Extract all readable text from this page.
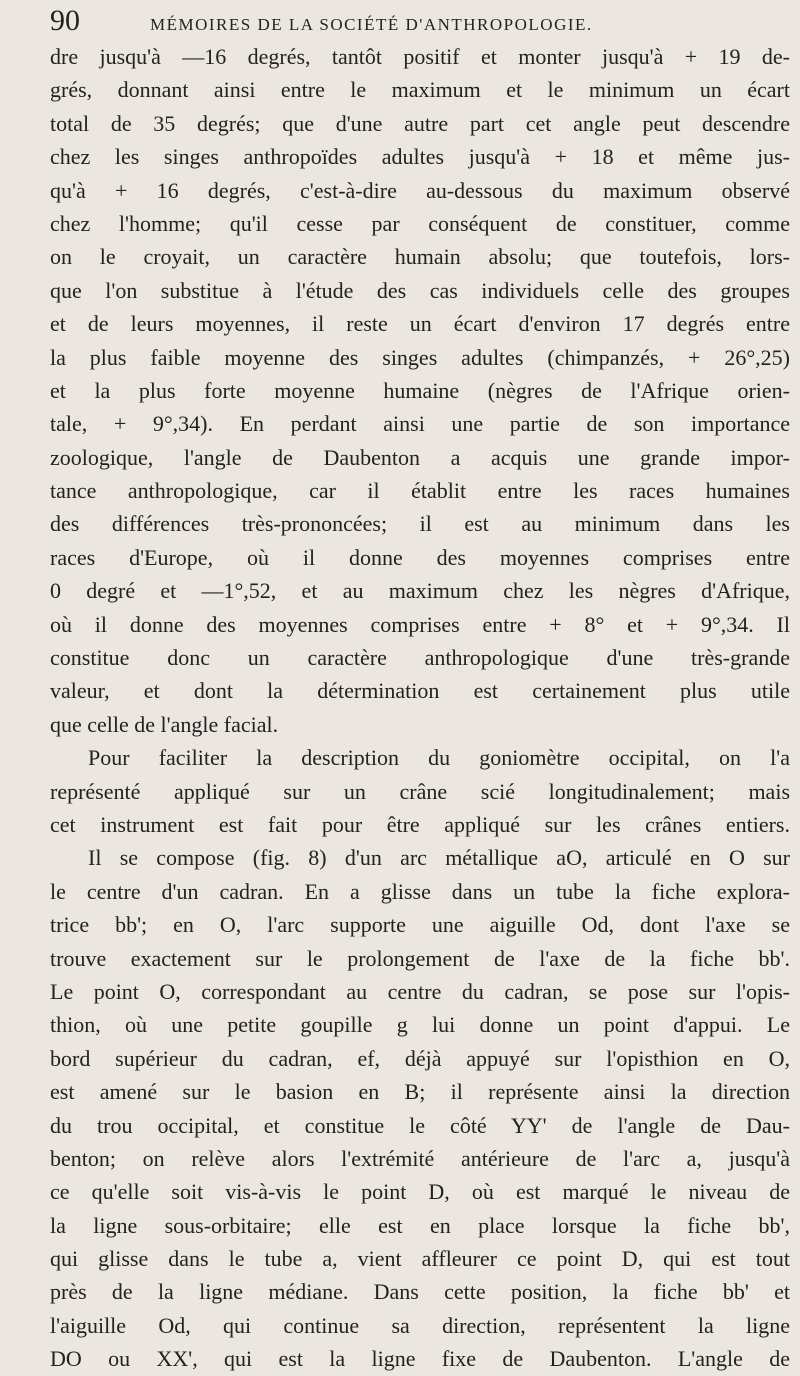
90	MÉMOIRES DE LA SOCIÉTÉ D'ANTHROPOLOGIE.
dre jusqu'à —16 degrés, tantôt positif et monter jusqu'à + 19 de-
grés, donnant ainsi entre le maximum et le minimum un écart
total de 35 degrés; que d'une autre part cet angle peut descendre
chez les singes anthropoïdes adultes jusqu'à + 18 et même jus-
qu'à + 16 degrés, c'est-à-dire au-dessous du maximum observé
chez l'homme; qu'il cesse par conséquent de constituer, comme
on le croyait, un caractère humain absolu; que toutefois, lors-
que l'on substitue à l'étude des cas individuels celle des groupes
et de leurs moyennes, il reste un écart d'environ 17 degrés entre
la plus faible moyenne des singes adultes (chimpanzés, + 26°,25)
et la plus forte moyenne humaine (nègres de l'Afrique orien-
tale, + 9°,34). En perdant ainsi une partie de son importance
zoologique, l'angle de Daubenton a acquis une grande impor-
tance anthropologique, car il établit entre les races humaines
des différences très-prononcées; il est au minimum dans les
races d'Europe, où il donne des moyennes comprises entre
0 degré et —1°,52, et au maximum chez les nègres d'Afrique,
où il donne des moyennes comprises entre + 8° et + 9°,34. Il
constitue donc un caractère anthropologique d'une très-grande
valeur, et dont la détermination est certainement plus utile
que celle de l'angle facial.
Pour faciliter la description du goniomètre occipital, on l'a
représenté appliqué sur un crâne scié longitudinalement; mais
cet instrument est fait pour être appliqué sur les crânes entiers.
Il se compose (fig. 8) d'un arc métallique aO, articulé en O sur
le centre d'un cadran. En a glisse dans un tube la fiche explora-
trice bb'; en O, l'arc supporte une aiguille Od, dont l'axe se
trouve exactement sur le prolongement de l'axe de la fiche bb'.
Le point O, correspondant au centre du cadran, se pose sur l'opis-
thion, où une petite goupille g lui donne un point d'appui. Le
bord supérieur du cadran, ef, déjà appuyé sur l'opisthion en O,
est amené sur le basion en B; il représente ainsi la direction
du trou occipital, et constitue le côté YY' de l'angle de Dau-
benton; on relève alors l'extrémité antérieure de l'arc a, jusqu'à
ce qu'elle soit vis-à-vis le point D, où est marqué le niveau de
la ligne sous-orbitaire; elle est en place lorsque la fiche bb',
qui glisse dans le tube a, vient affleurer ce point D, qui est tout
près de la ligne médiane. Dans cette position, la fiche bb' et
l'aiguille Od, qui continue sa direction, représentent la ligne
DO ou XX', qui est la ligne fixe de Daubenton. L'angle de
